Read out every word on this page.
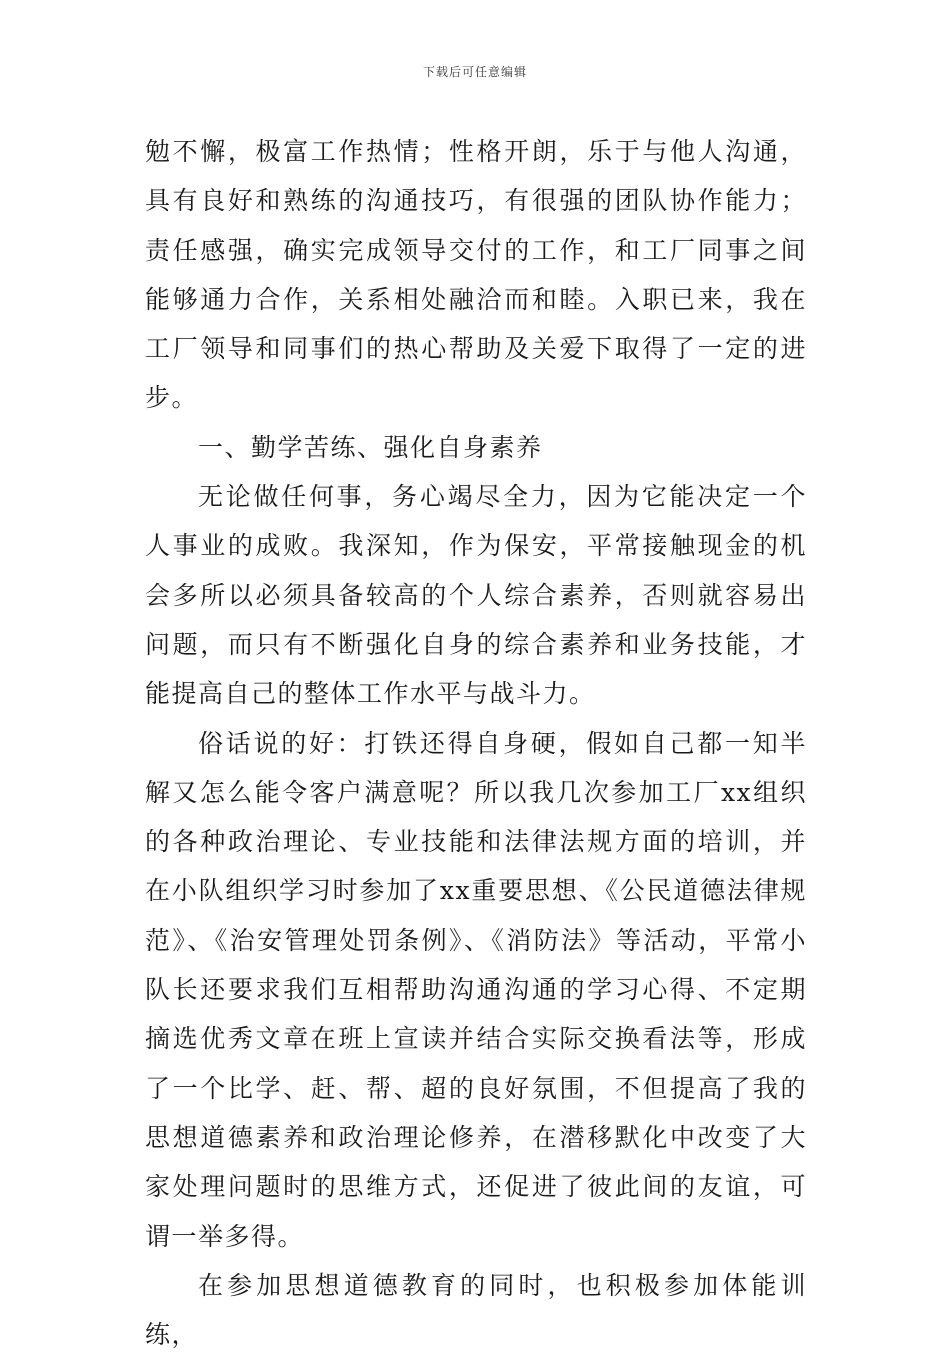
下载后可任意编辑

勉不懈，极富工作热情；性格开朗，乐于与他人沟通，具有良好和熟练的沟通技巧，有很强的团队协作能力；责任感强，确实完成领导交付的工作，和工厂同事之间能够通力合作，关系相处融洽而和睦。入职已来，我在工厂领导和同事们的热心帮助及关爱下取得了一定的进步。

一、勤学苦练、强化自身素养

无论做任何事，务心竭尽全力，因为它能决定一个人事业的成败。我深知，作为保安，平常接触现金的机会多所以必须具备较高的个人综合素养，否则就容易出问题，而只有不断强化自身的综合素养和业务技能，才能提高自己的整体工作水平与战斗力。

俗话说的好：打铁还得自身硬，假如自己都一知半解又怎么能令客户满意呢？所以我几次参加工厂xx组织的各种政治理论、专业技能和法律法规方面的培训，并在小队组织学习时参加了xx重要思想、《公民道德法律规范》、《治安管理处罚条例》、《消防法》等活动，平常小队长还要求我们互相帮助沟通沟通的学习心得、不定期摘选优秀文章在班上宣读并结合实际交换看法等，形成了一个比学、赶、帮、超的良好氛围，不但提高了我的思想道德素养和政治理论修养，在潜移默化中改变了大家处理问题时的思维方式，还促进了彼此间的友谊，可谓一举多得。

在参加思想道德教育的同时，也积极参加体能训练，
